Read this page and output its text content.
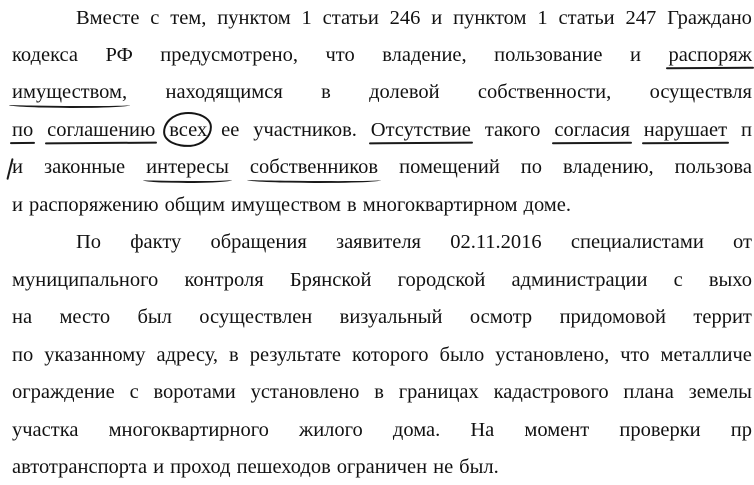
Вместе с тем, пунктом 1 статьи 246 и пунктом 1 статьи 247 Граждано
кодекса РФ предусмотрено, что владение, пользование и распоряж
имуществом, находящимся в долевой собственности, осуществля
по соглашению всех ее участников. Отсутствие такого согласия нарушает п
и законные интересы собственников помещений по владению, пользова
и распоряжению общим имуществом в многоквартирном доме.
По факту обращения заявителя 02.11.2016 специалистами от
муниципального контроля Брянской городской администрации с выхо
на место был осуществлен визуальный осмотр придомовой террит
по указанному адресу, в результате которого было установлено, что металличе
ограждение с воротами установлено в границах кадастрового плана земелы
участка многоквартирного жилого дома. На момент проверки пр
автотранспорта и проход пешеходов ограничен не был.
